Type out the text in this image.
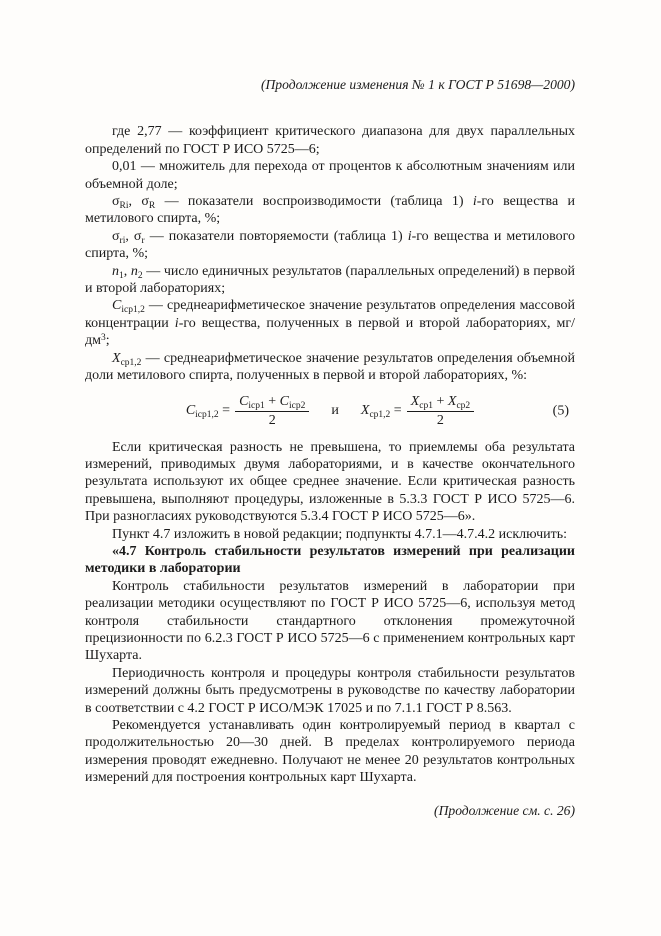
(Продолжение изменения № 1 к ГОСТ Р 51698—2000)

где 2,77 — коэффициент критического диапазона для двух параллельных определений по ГОСТ Р ИСО 5725—6;

0,01 — множитель для перехода от процентов к абсолютным значениям или объемной доле;

$\sigma_{Ri}$, $\sigma_R$ — показатели воспроизводимости (таблица 1) i-го вещества и метилового спирта, %;

$\sigma_{ri}$, $\sigma_r$ — показатели повторяемости (таблица 1) i-го вещества и метилового спирта, %;

$n_1$, $n_2$ — число единичных результатов (параллельных определений) в первой и второй лабораториях;

$C_{iср1,2}$ — среднеарифметическое значение результатов определения массовой концентрации i-го вещества, полученных в первой и второй лабораториях, $мг/дм^3$;

$X_{ср1,2}$ — среднеарифметическое значение результатов определения объемной доли метилового спирта, полученных в первой и второй лабораториях, %:

$C_{iср1,2} = \frac{C_{iср1} + C_{iср2}}{2}$ и $X_{ср1,2} = \frac{X_{ср1} + X_{ср2}}{2}$	(5)

Если критическая разность не превышена, то приемлемы оба результата измерений, приводимых двумя лабораториями, и в качестве окончательного результата используют их общее среднее значение. Если критическая разность превышена, выполняют процедуры, изложенные в 5.3.3 ГОСТ Р ИСО 5725—6. При разногласиях руководствуются 5.3.4 ГОСТ Р ИСО 5725—6».

Пункт 4.7 изложить в новой редакции; подпункты 4.7.1—4.7.4.2 исключить:

«4.7 Контроль стабильности результатов измерений при реализации методики в лаборатории

Контроль стабильности результатов измерений в лаборатории при реализации методики осуществляют по ГОСТ Р ИСО 5725—6, используя метод контроля стабильности стандартного отклонения промежуточной прецизионности по 6.2.3 ГОСТ Р ИСО 5725—6 с применением контрольных карт Шухарта.

Периодичность контроля и процедуры контроля стабильности результатов измерений должны быть предусмотрены в руководстве по качеству лаборатории в соответствии с 4.2 ГОСТ Р ИСО/МЭК 17025 и по 7.1.1 ГОСТ Р 8.563.

Рекомендуется устанавливать один контролируемый период в квартал с продолжительностью 20—30 дней. В пределах контролируемого периода измерения проводят ежедневно. Получают не менее 20 результатов контрольных измерений для построения контрольных карт Шухарта.

(Продолжение см. с. 26)
